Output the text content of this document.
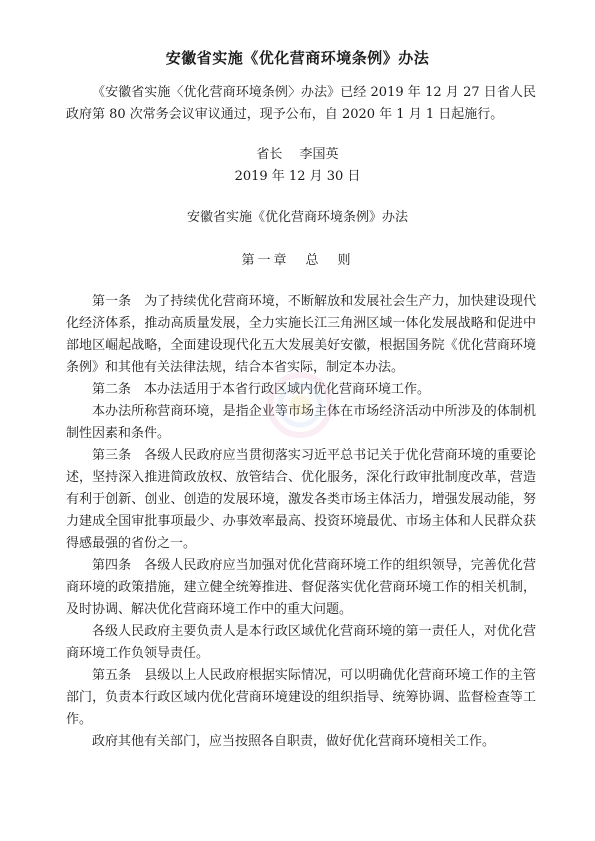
安徽省实施《优化营商环境条例》办法

《安徽省实施〈优化营商环境条例〉办法》已经 2019 年 12 月 27 日省人民政府第 80 次常务会议审议通过，现予公布，自 2020 年 1 月 1 日起施行。

省长　 李国英
2019 年 12 月 30 日
安徽省实施《优化营商环境条例》办法
第一章　总　则

第一条　为了持续优化营商环境，不断解放和发展社会生产力，加快建设现代化经济体系，推动高质量发展，全力实施长江三角洲区域一体化发展战略和促进中部地区崛起战略，全面建设现代化五大发展美好安徽，根据国务院《优化营商环境条例》和其他有关法律法规，结合本省实际，制定本办法。

第二条　本办法适用于本省行政区域内优化营商环境工作。

本办法所称营商环境，是指企业等市场主体在市场经济活动中所涉及的体制机制性因素和条件。

第三条　各级人民政府应当贯彻落实习近平总书记关于优化营商环境的重要论述，坚持深入推进简政放权、放管结合、优化服务，深化行政审批制度改革，营造有利于创新、创业、创造的发展环境，激发各类市场主体活力，增强发展动能，努力建成全国审批事项最少、办事效率最高、投资环境最优、市场主体和人民群众获得感最强的省份之一。

第四条　各级人民政府应当加强对优化营商环境工作的组织领导，完善优化营商环境的政策措施，建立健全统筹推进、督促落实优化营商环境工作的相关机制，及时协调、解决优化营商环境工作中的重大问题。

各级人民政府主要负责人是本行政区域优化营商环境的第一责任人，对优化营商环境工作负领导责任。

第五条　县级以上人民政府根据实际情况，可以明确优化营商环境工作的主管部门，负责本行政区域内优化营商环境建设的组织指导、统筹协调、监督检查等工作。

政府其他有关部门，应当按照各自职责，做好优化营商环境相关工作。
